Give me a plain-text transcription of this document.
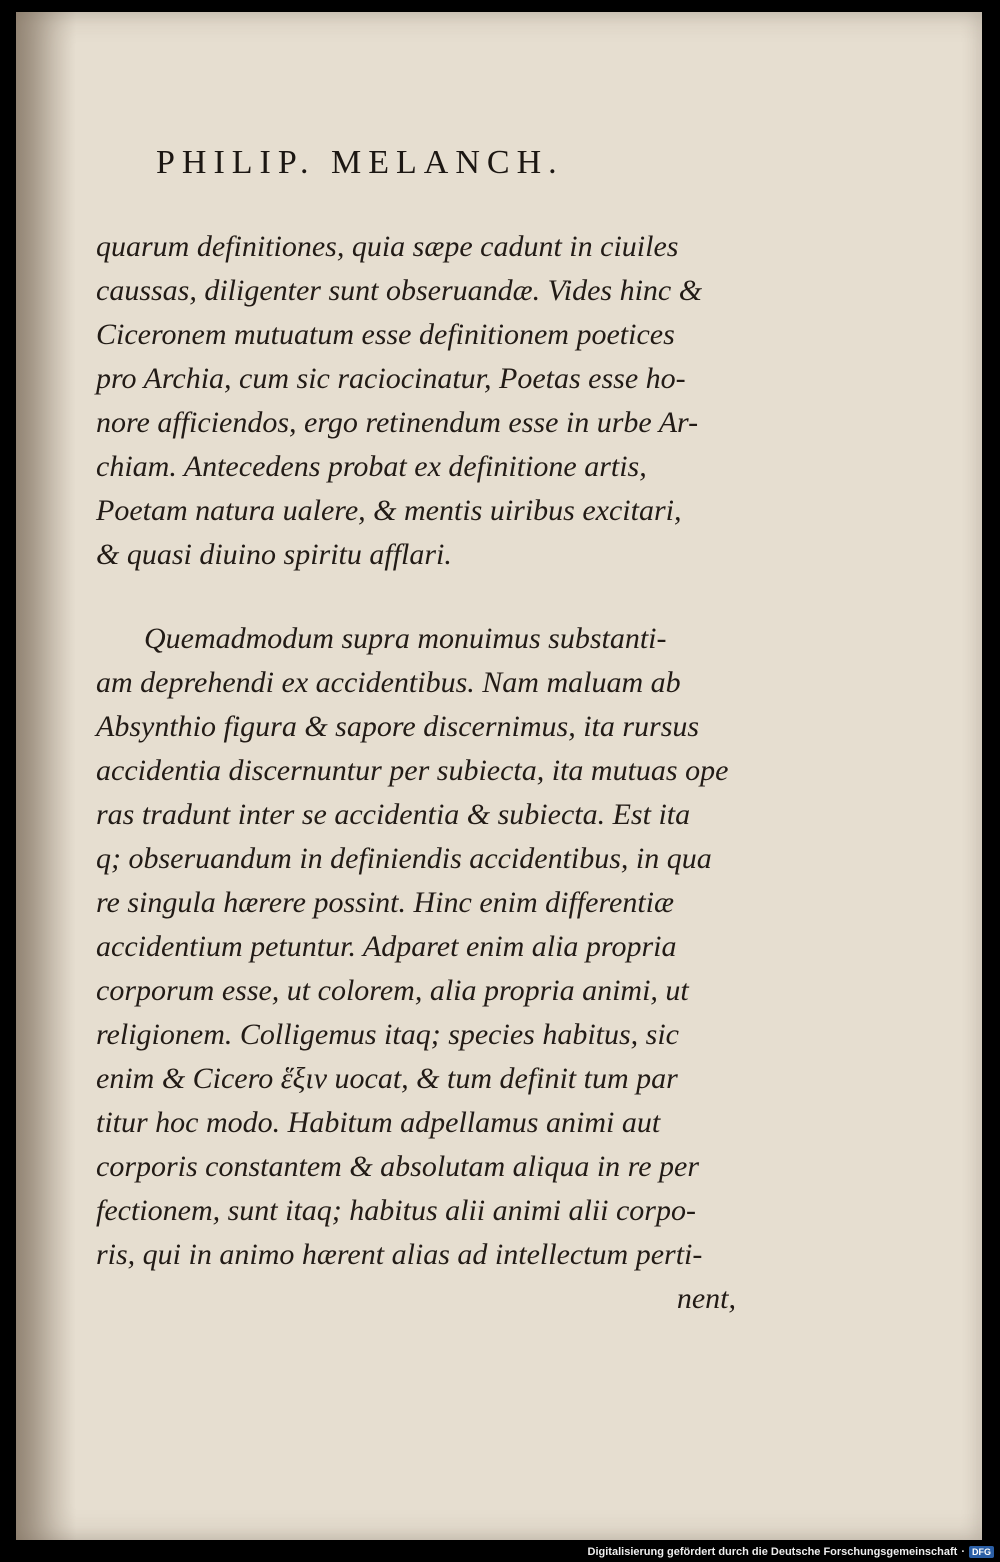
PHILIP. MELANCH.
quarum definitiones, quia sæpe cadunt in ciuiles
caussas, diligenter sunt obseruandæ. Vides hinc &
Ciceronem mutuatum esse definitionem poetices
pro Archia, cum sic raciocinatur, Poetas esse ho-
nore afficiendos, ergo retinendum esse in urbe Ar-
chiam. Antecedens probat ex definitione artis,
Poetam natura ualere, & mentis uiribus excitari,
& quasi diuino spiritu afflari.
Quemadmodum supra monuimus substanti-
am deprehendi ex accidentibus. Nam maluam ab
Absynthio figura & sapore discernimus, ita rursus
accidentia discernuntur per subiecta, ita mutuas ope
ras tradunt inter se accidentia & subiecta. Est ita
q; obseruandum in definiendis accidentibus, in qua
re singula hærere possint. Hinc enim differentiæ
accidentium petuntur. Adparet enim alia propria
corporum esse, ut colorem, alia propria animi, ut
religionem. Colligemus itaq; species habitus, sic
enim & Cicero ἕξιν uocat, & tum definit tum par
titur hoc modo. Habitum adpellamus animi aut
corporis constantem & absolutam aliqua in re per
fectionem, sunt itaq; habitus alii animi alii corpo-
ris, qui in animo hærent alias ad intellectum perti-
nent,
Digitalisierung gefördert durch die Deutsche Forschungsgemeinschaft · DFG
